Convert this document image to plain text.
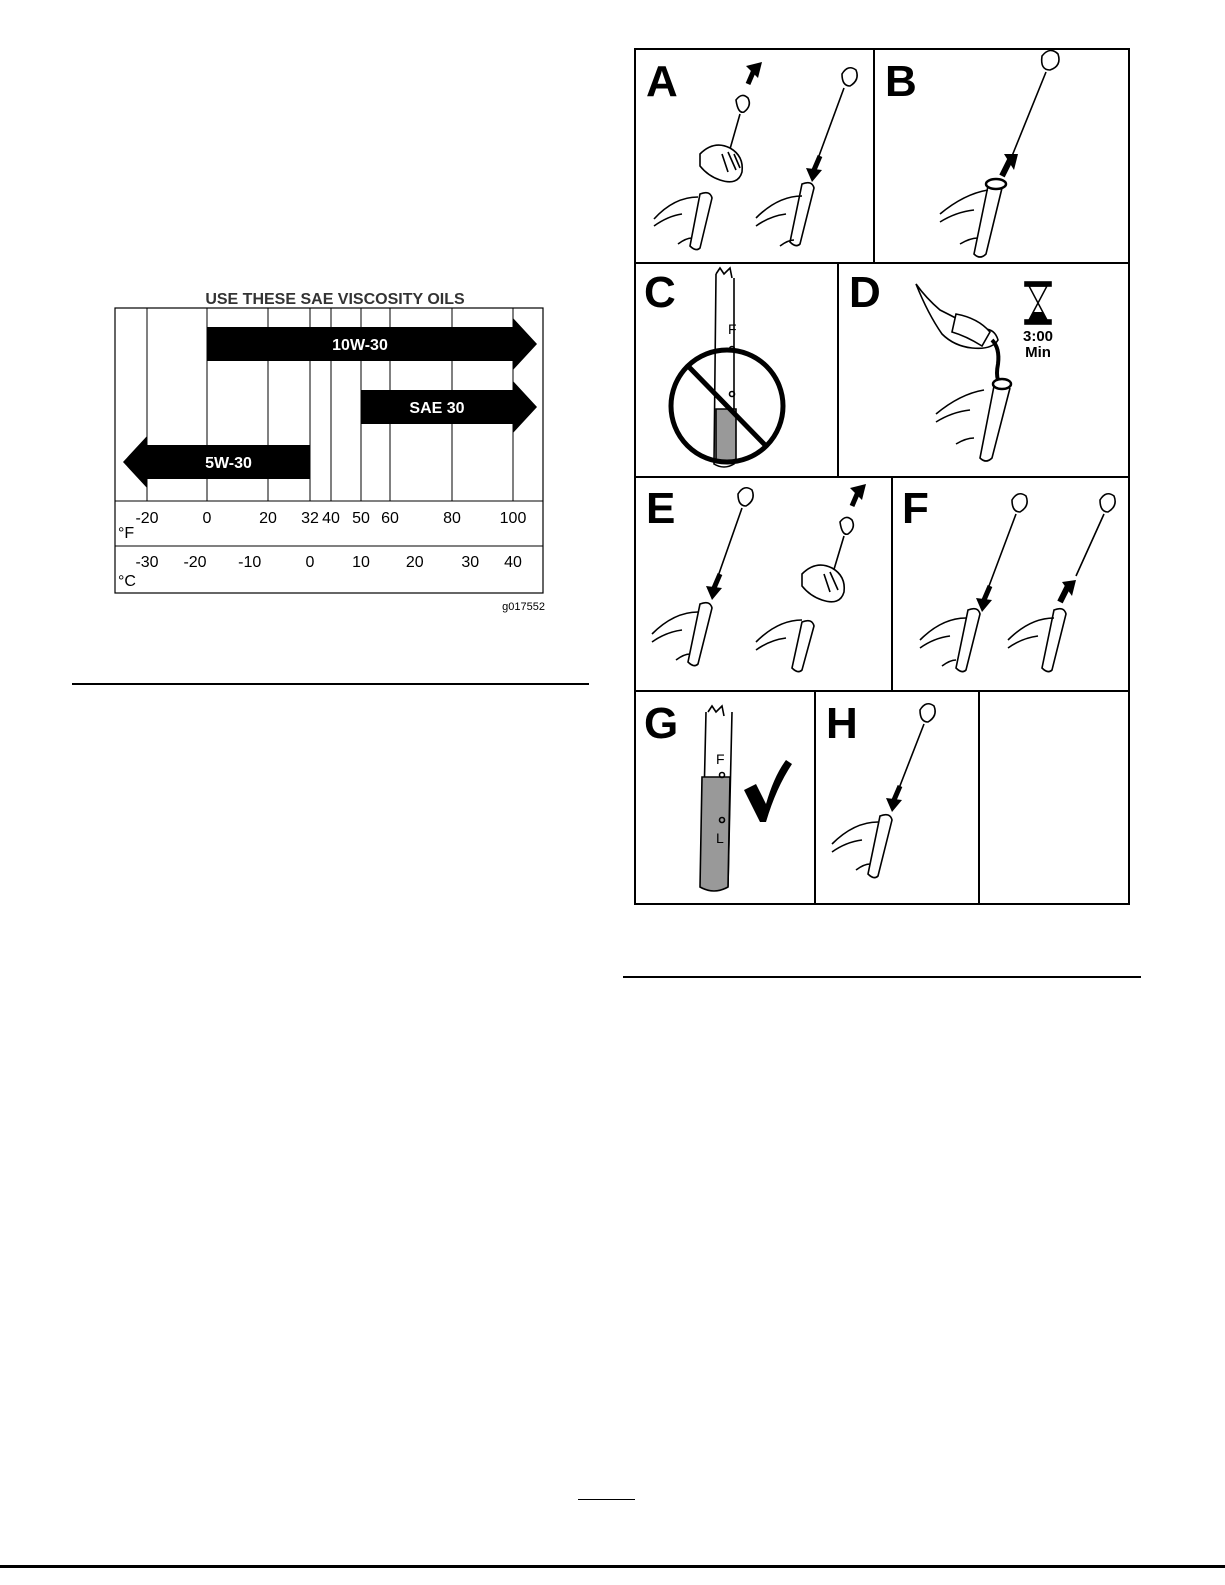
USE THESE SAE VISCOSITY OILS
10W-30
SAE 30
5W-30
-20	0	20 32 40 50 60	80 100
-30 -20 -10	0 10 20 30 40
°F
°C
g017552
A	B
C	D
E	F
G	H
F	3:00
Min
F
L
